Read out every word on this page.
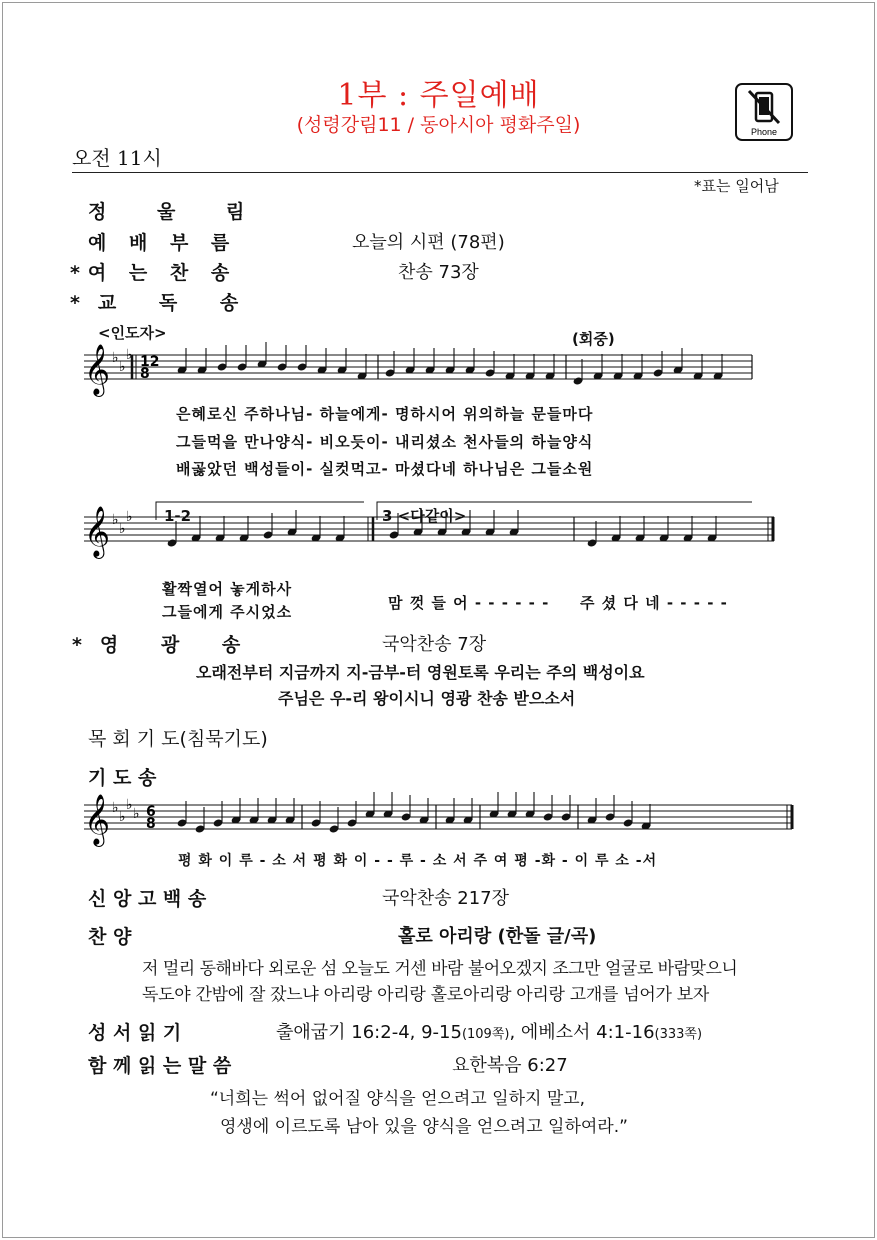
1부 : 주일예배
(성령강림11 / 동아시아 평화주일)	Phone
오전 11시
*표는 일어남
정 울 림
예 배 부 름	오늘의 시편 (78편)
*여 는 찬 송	찬송 73장
*교 독 송
<인도자>	(회중)
𝄞 ♭
♭
♭ 12
8
은혜로신 주하나님- 하늘에게- 명하시어 위의하늘 문들마다
그들먹을 만나양식- 비오듯이- 내리셨소 천사들의 하늘양식
배곯았던 백성들이- 실컷먹고- 마셨다네 하나님은 그들소원
𝄞 ♭
♭
♭ 1-2	3 <다같이>
활짝열어 놓게하사
그들에게 주시었소	맘 껏 들 어 - - - - - - 주 셨 다 네 - - - - -
*영 광 송	국악찬송 7장
오래전부터 지금까지 지-금부-터 영원토록 우리는 주의 백성이요
주님은 우-리 왕이시니 영광 찬송 받으소서
목 회 기 도(침묵기도)
기 도 송
𝄞 ♭
♭
♭
♭ 6
8
평 화 이 루 - 소 서 평 화 이 - - 루 - 소 서 주 여 평 -화 - 이 루 소 -서
신 앙 고 백 송	국악찬송 217장
찬 양	홀로 아리랑 (한돌 글/곡)
저 멀리 동해바다 외로운 섬 오늘도 거센 바람 불어오겠지 조그만 얼굴로 바람맞으니
독도야 간밤에 잘 잤느냐 아리랑 아리랑 홀로아리랑 아리랑 고개를 넘어가 보자
성 서 읽 기	출애굽기 16:2-4, 9-15(109쪽), 에베소서 4:1-16(333쪽)
함 께 읽 는 말 씀	요한복음 6:27
“너희는 썩어 없어질 양식을 얻으려고 일하지 말고,
영생에 이르도록 남아 있을 양식을 얻으려고 일하여라.”
